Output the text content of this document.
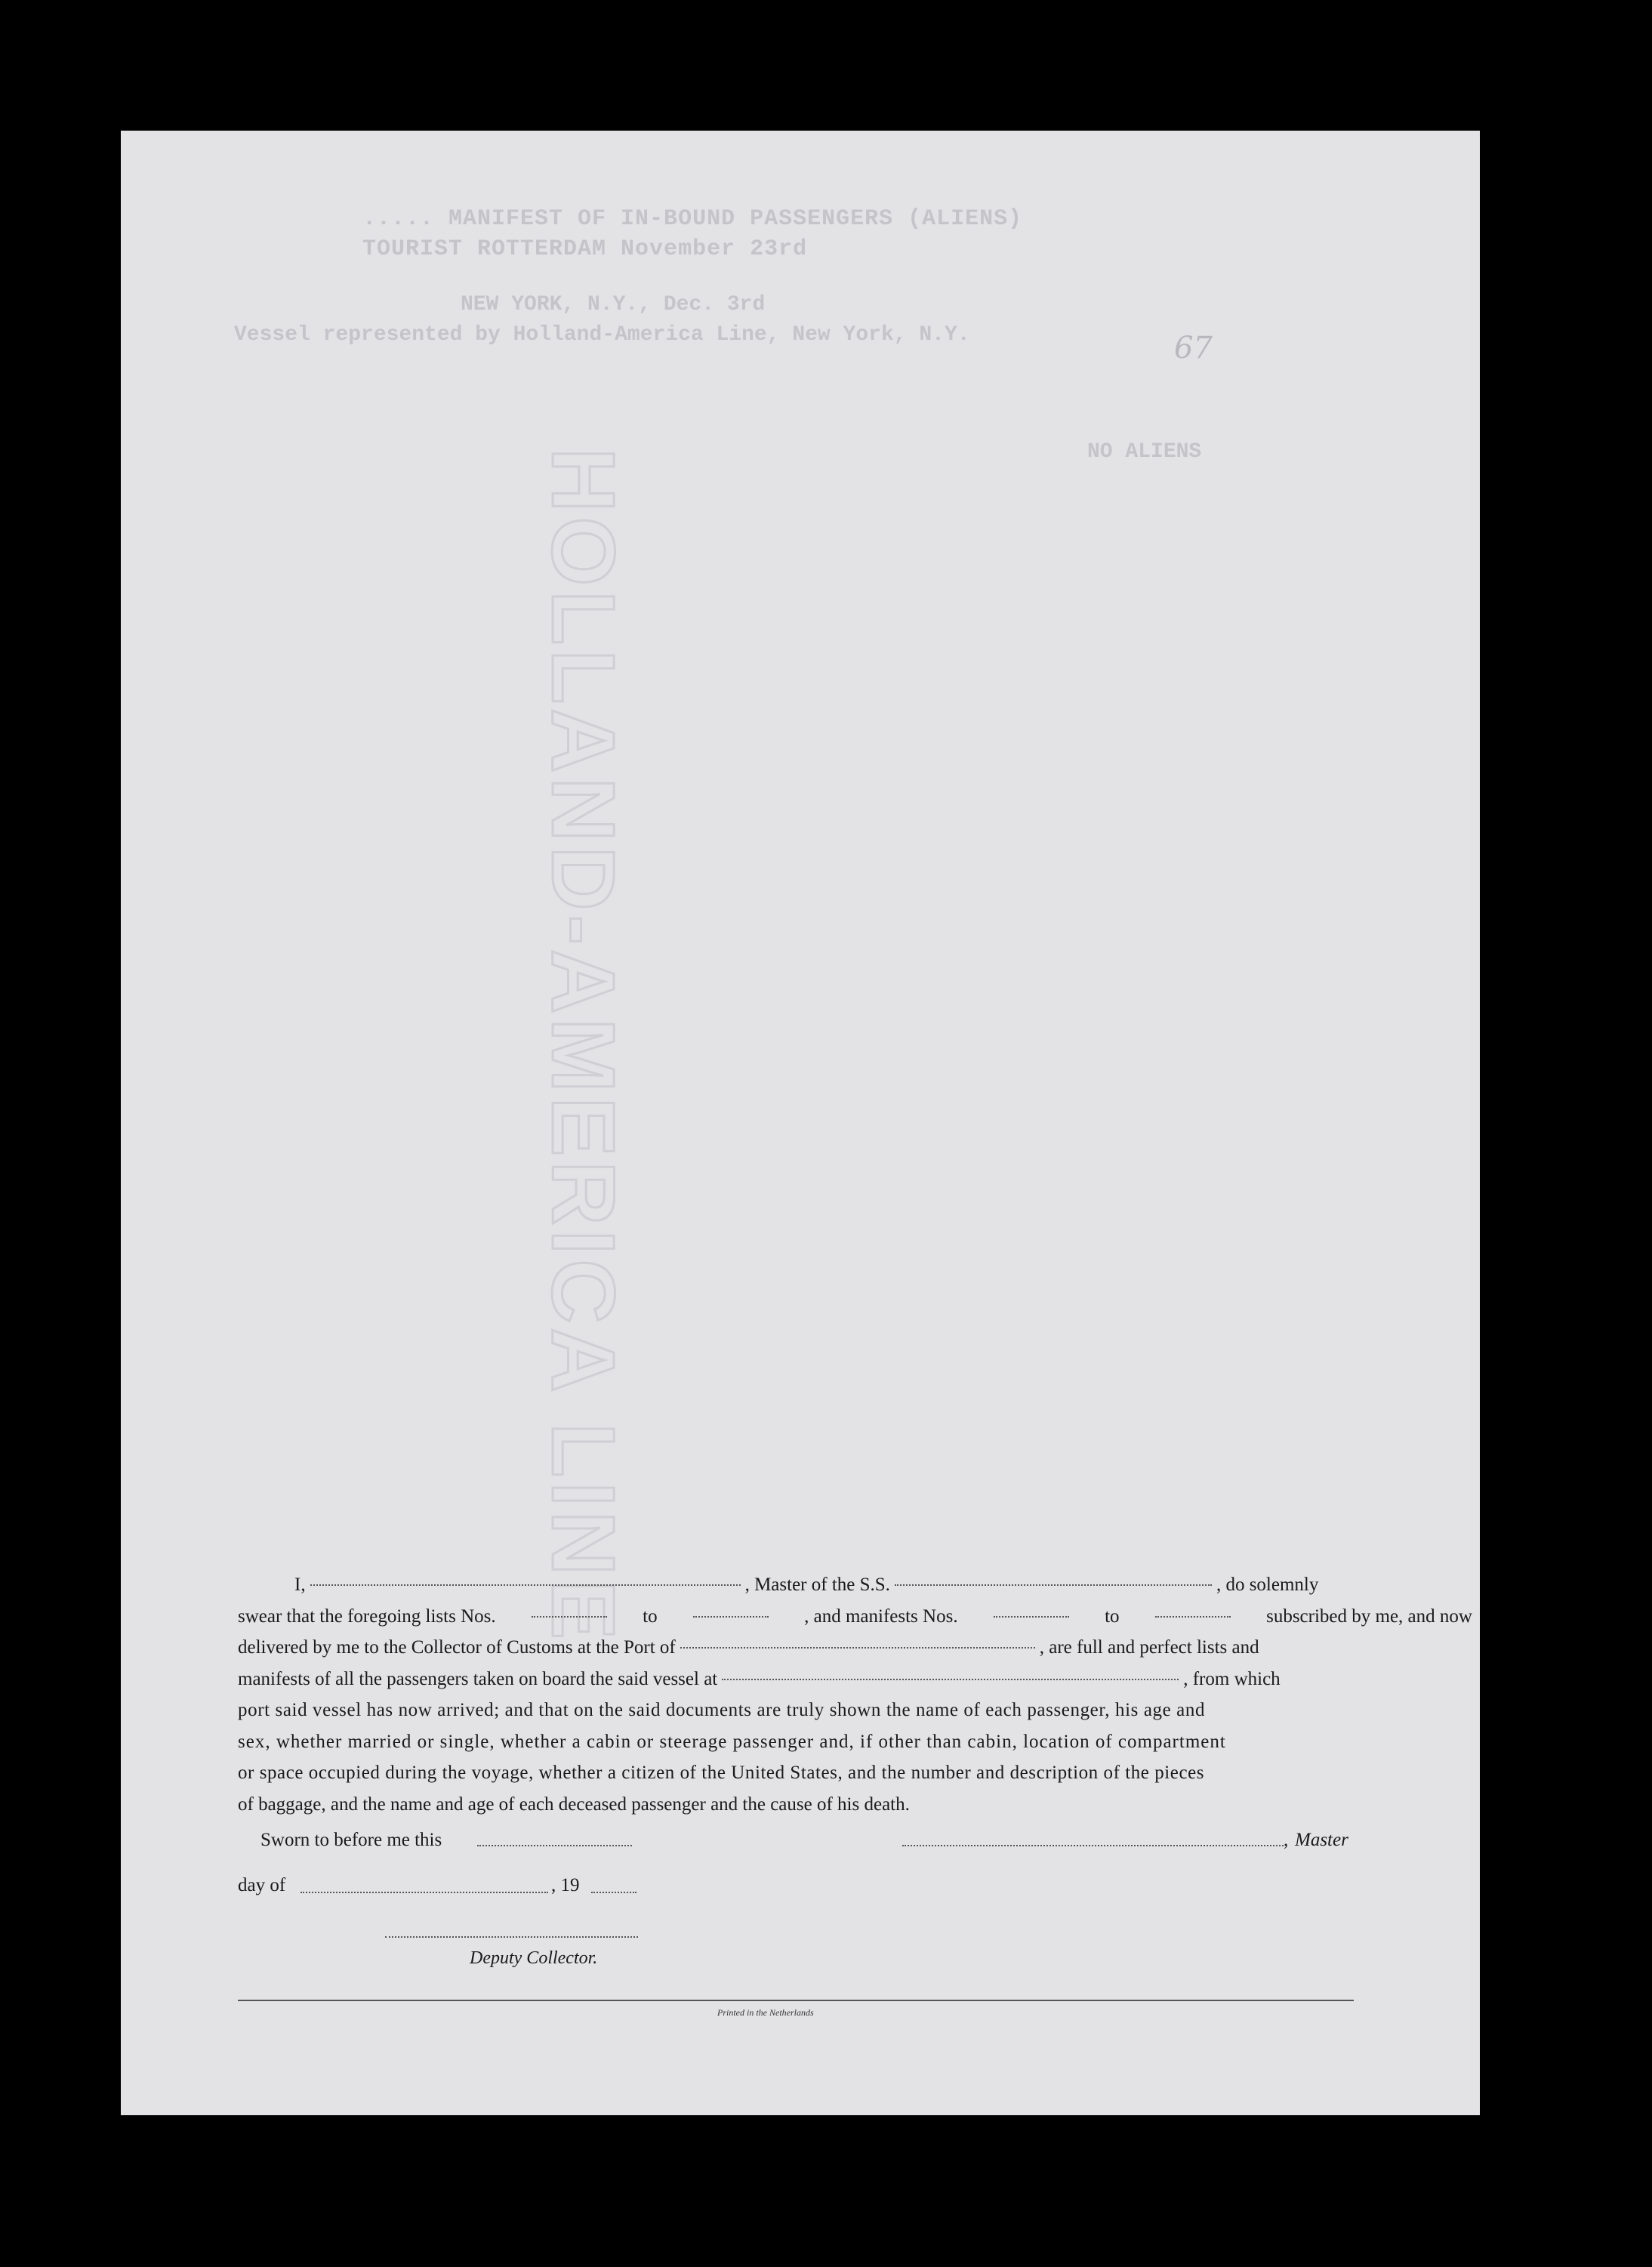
..... MANIFEST OF IN-BOUND PASSENGERS (ALIENS)
TOURIST ROTTERDAM November 23rd
NEW YORK, N.Y., Dec. 3rd
Vessel represented by Holland-America Line, New York, N.Y.
NO ALIENS
67
HOLLAND-AMERICA LINE
I,	, Master of the S.S.	, do solemnly
swear that the foregoing lists Nos.	to	, and manifests Nos.	to	subscribed by me, and now
delivered by me to the Collector of Customs at the Port of	, are full and perfect lists and
manifests of all the passengers taken on board the said vessel at	, from which
port said vessel has now arrived; and that on the said documents are truly shown the name of each passenger, his age and
sex, whether married or single, whether a cabin or steerage passenger and, if other than cabin, location of compartment
or space occupied during the voyage, whether a citizen of the United States, and the number and description of the pieces
of baggage, and the name and age of each deceased passenger and the cause of his death.
Sworn to before me this	, Master
day of	, 19
Deputy Collector.
Printed in the Netherlands
